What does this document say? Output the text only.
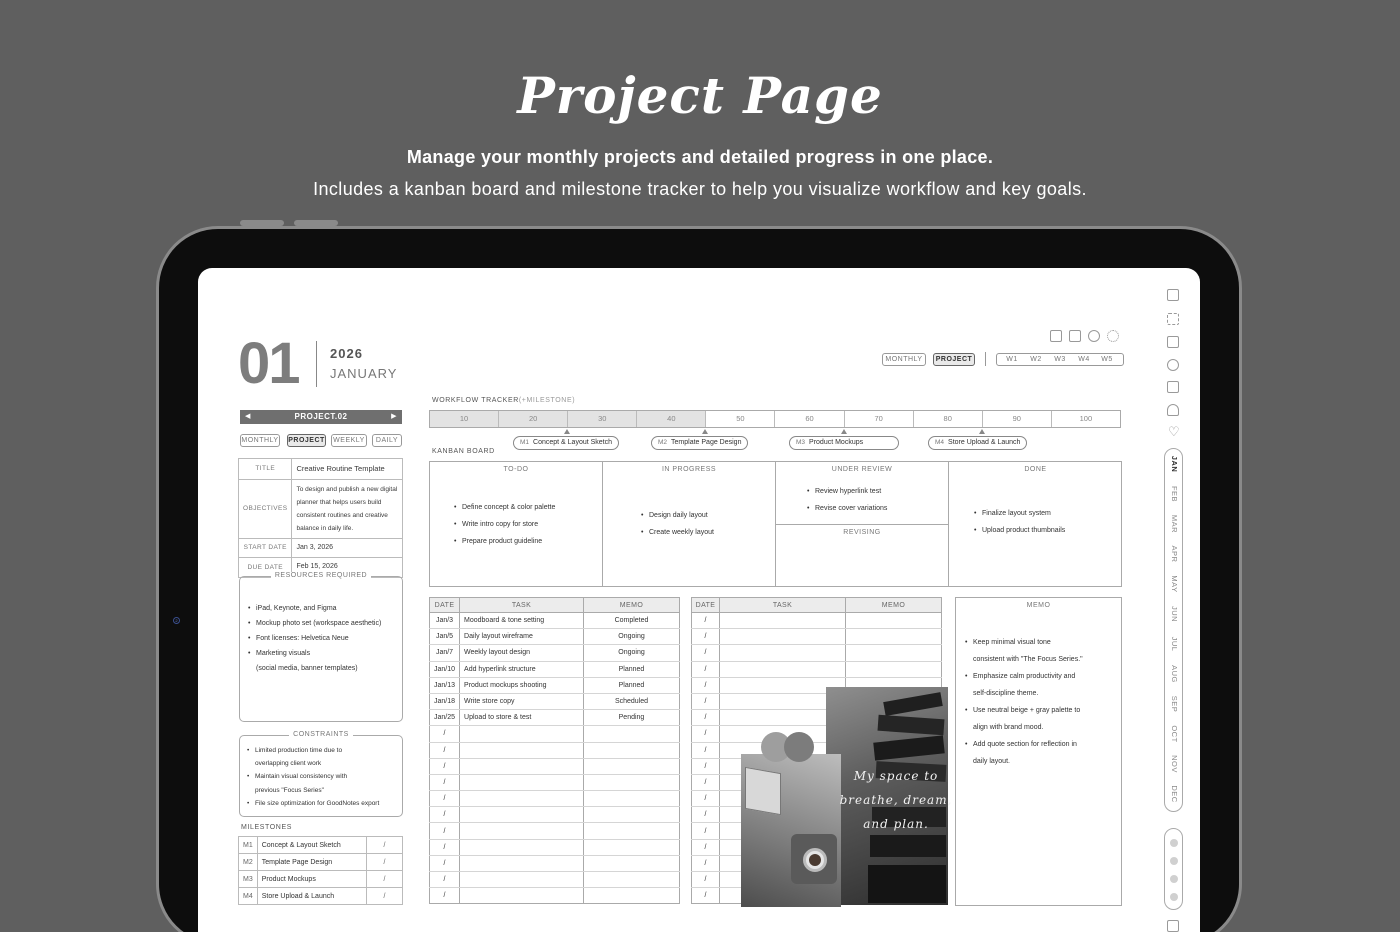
Project Page
Manage your monthly projects and detailed progress in one place.
Includes a kanban board and milestone tracker to help you visualize workflow and key goals.
2
01 2026
JANUARY
MONTHLY	PROJECT	W1	W2	W3	W4	W5
◀	PROJECT.02	▶
MONTHLY PROJECT	WEEKLY	DAILY
TITLE	Creative Routine Template
OBJECTIVES	To design and publish a new digital planner that helps users build consistent routines and creative balance in daily life.
START DATE	Jan 3, 2026
DUE DATE	Feb 15, 2026
RESOURCES REQUIRED
• iPad, Keynote, and Figma
• Mockup photo set (workspace aesthetic)
• Font licenses: Helvetica Neue
• Marketing visuals
(social media, banner templates)
CONSTRAINTS
• Limited production time due to
overlapping client work
• Maintain visual consistency with
previous "Focus Series"
• File size optimization for GoodNotes export
MILESTONES
M1	Concept & Layout Sketch	/
M2	Template Page Design	/
M3	Product Mockups	/
M4	Store Upload & Launch	/
WORKFLOW TRACKER(+MILESTONE)
10	20	30	40	50	60	70	80	90	100
M1 Concept & Layout Sketch	M2 Template Page Design	M3 Product Mockups	M4 Store Upload & Launch
KANBAN BOARD
TO-DO
• Define concept & color palette
• Write intro copy for store
• Prepare product guideline
IN PROGRESS
• Design daily layout
• Create weekly layout
UNDER REVIEW
• Review hyperlink test
• Revise cover variations
REVISING
DONE
• Finalize layout system
• Upload product thumbnails
DATE	TASK	MEMO
Jan/3	Moodboard & tone setting	Completed
Jan/5	Daily layout wireframe	Ongoing
Jan/7	Weekly layout design	Ongoing
Jan/10	Add hyperlink structure	Planned
Jan/13	Product mockups shooting	Planned
Jan/18	Write store copy	Scheduled
Jan/25	Upload to store & test	Pending
/		
/		
/		
/		
/		
/		
/		
/		
/		
/		
/		
DATE	TASK	MEMO
/		
/		
/		
/		
/		
/		
/		
/		
/		
/		
/		
/		
/		
/		
/		
/		
/		
/		
My space to
breathe, dream,
and plan.
MEMO
• Keep minimal visual tone
consistent with "The Focus Series."
• Emphasize calm productivity and
self-discipline theme.
• Use neutral beige + gray palette to
align with brand mood.
• Add quote section for reflection in
daily layout.
♡
JAN
FEB
MAR
APR
MAY
JUN
JUL
AUG
SEP
OCT
NOV
DEC
